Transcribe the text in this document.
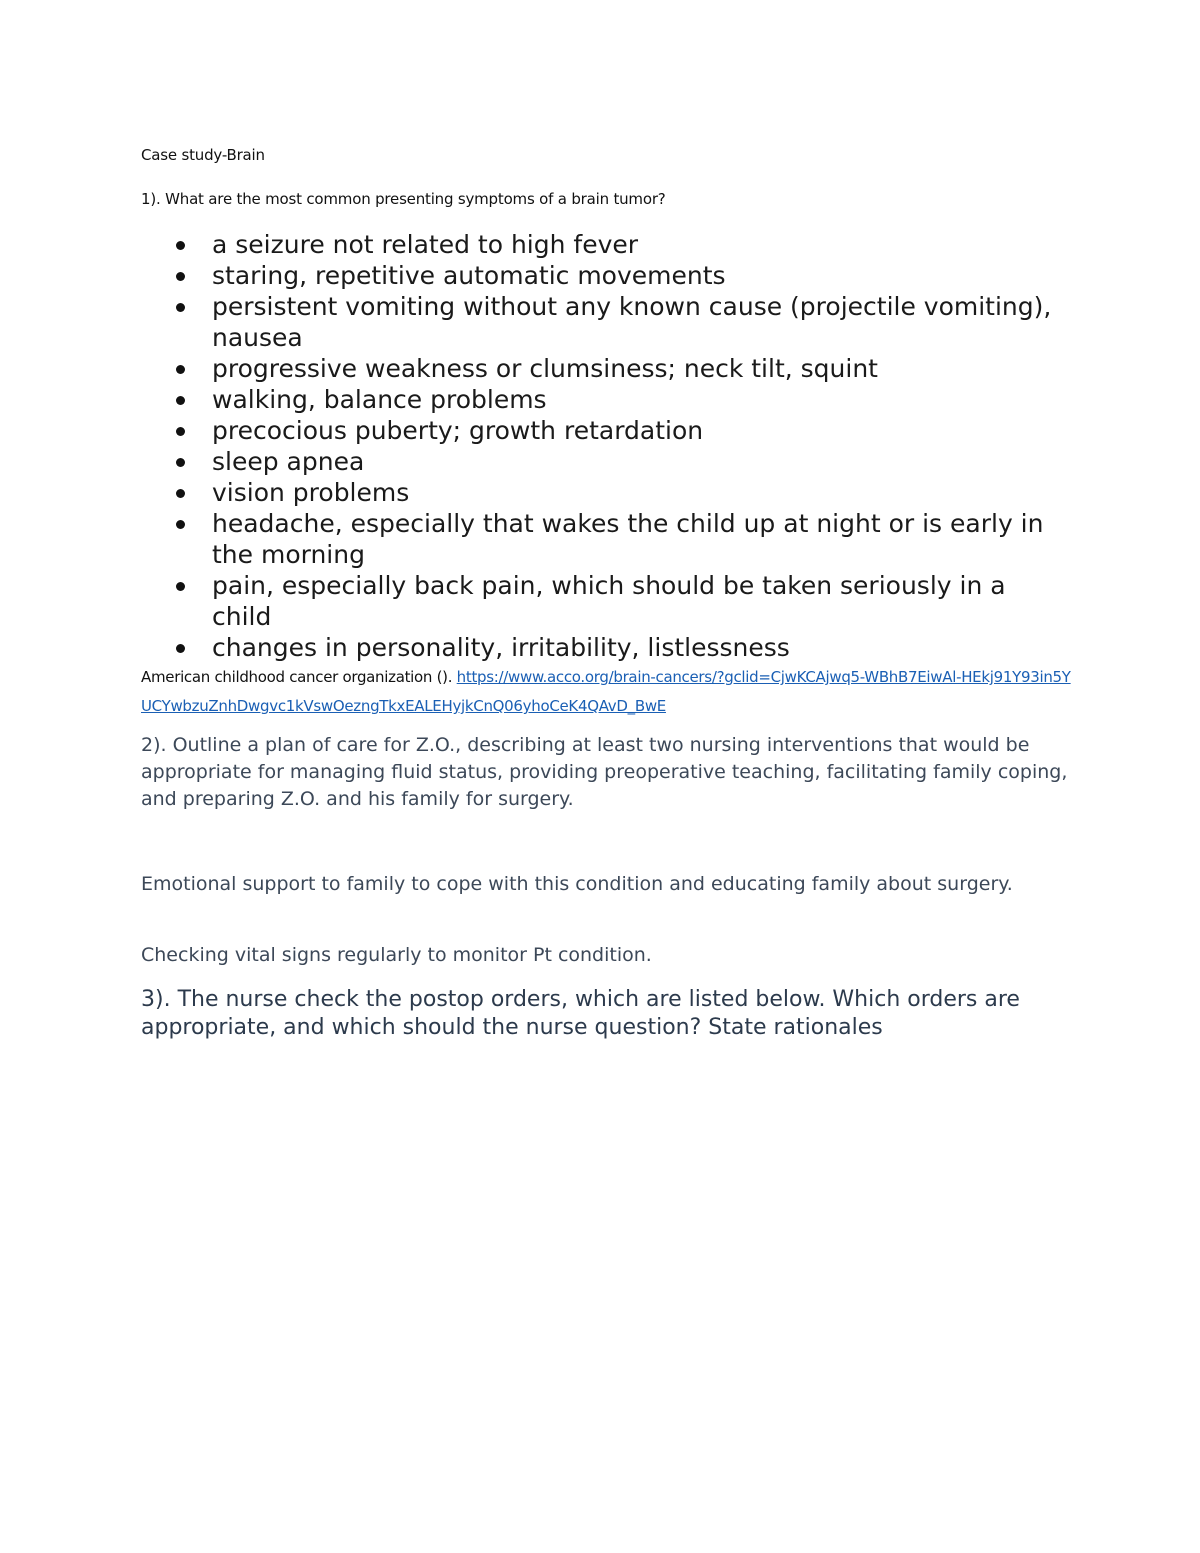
Case study-Brain
1). What are the most common presenting symptoms of a brain tumor?
a seizure not related to high fever
staring, repetitive automatic movements
persistent vomiting without any known cause (projectile vomiting), nausea
progressive weakness or clumsiness; neck tilt, squint
walking, balance problems
precocious puberty; growth retardation
sleep apnea
vision problems
headache, especially that wakes the child up at night or is early in the morning
pain, especially back pain, which should be taken seriously in a child
changes in personality, irritability, listlessness
American childhood cancer organization (). https://www.acco.org/brain-cancers/?gclid=CjwKCAjwq5-WBhB7EiwAl-HEkj91Y93in5YUCYwbzuZnhDwgvc1kVswOezngTkxEALEHyjkCnQ06yhoCeK4QAvD_BwE
2). Outline a plan of care for Z.O., describing at least two nursing interventions that would be appropriate for managing fluid status, providing preoperative teaching, facilitating family coping, and preparing Z.O. and his family for surgery.
Emotional support to family to cope with this condition and educating family about surgery.
Checking vital signs regularly to monitor Pt condition.
3). The nurse check the postop orders, which are listed below. Which orders are appropriate, and which should the nurse question? State rationales
